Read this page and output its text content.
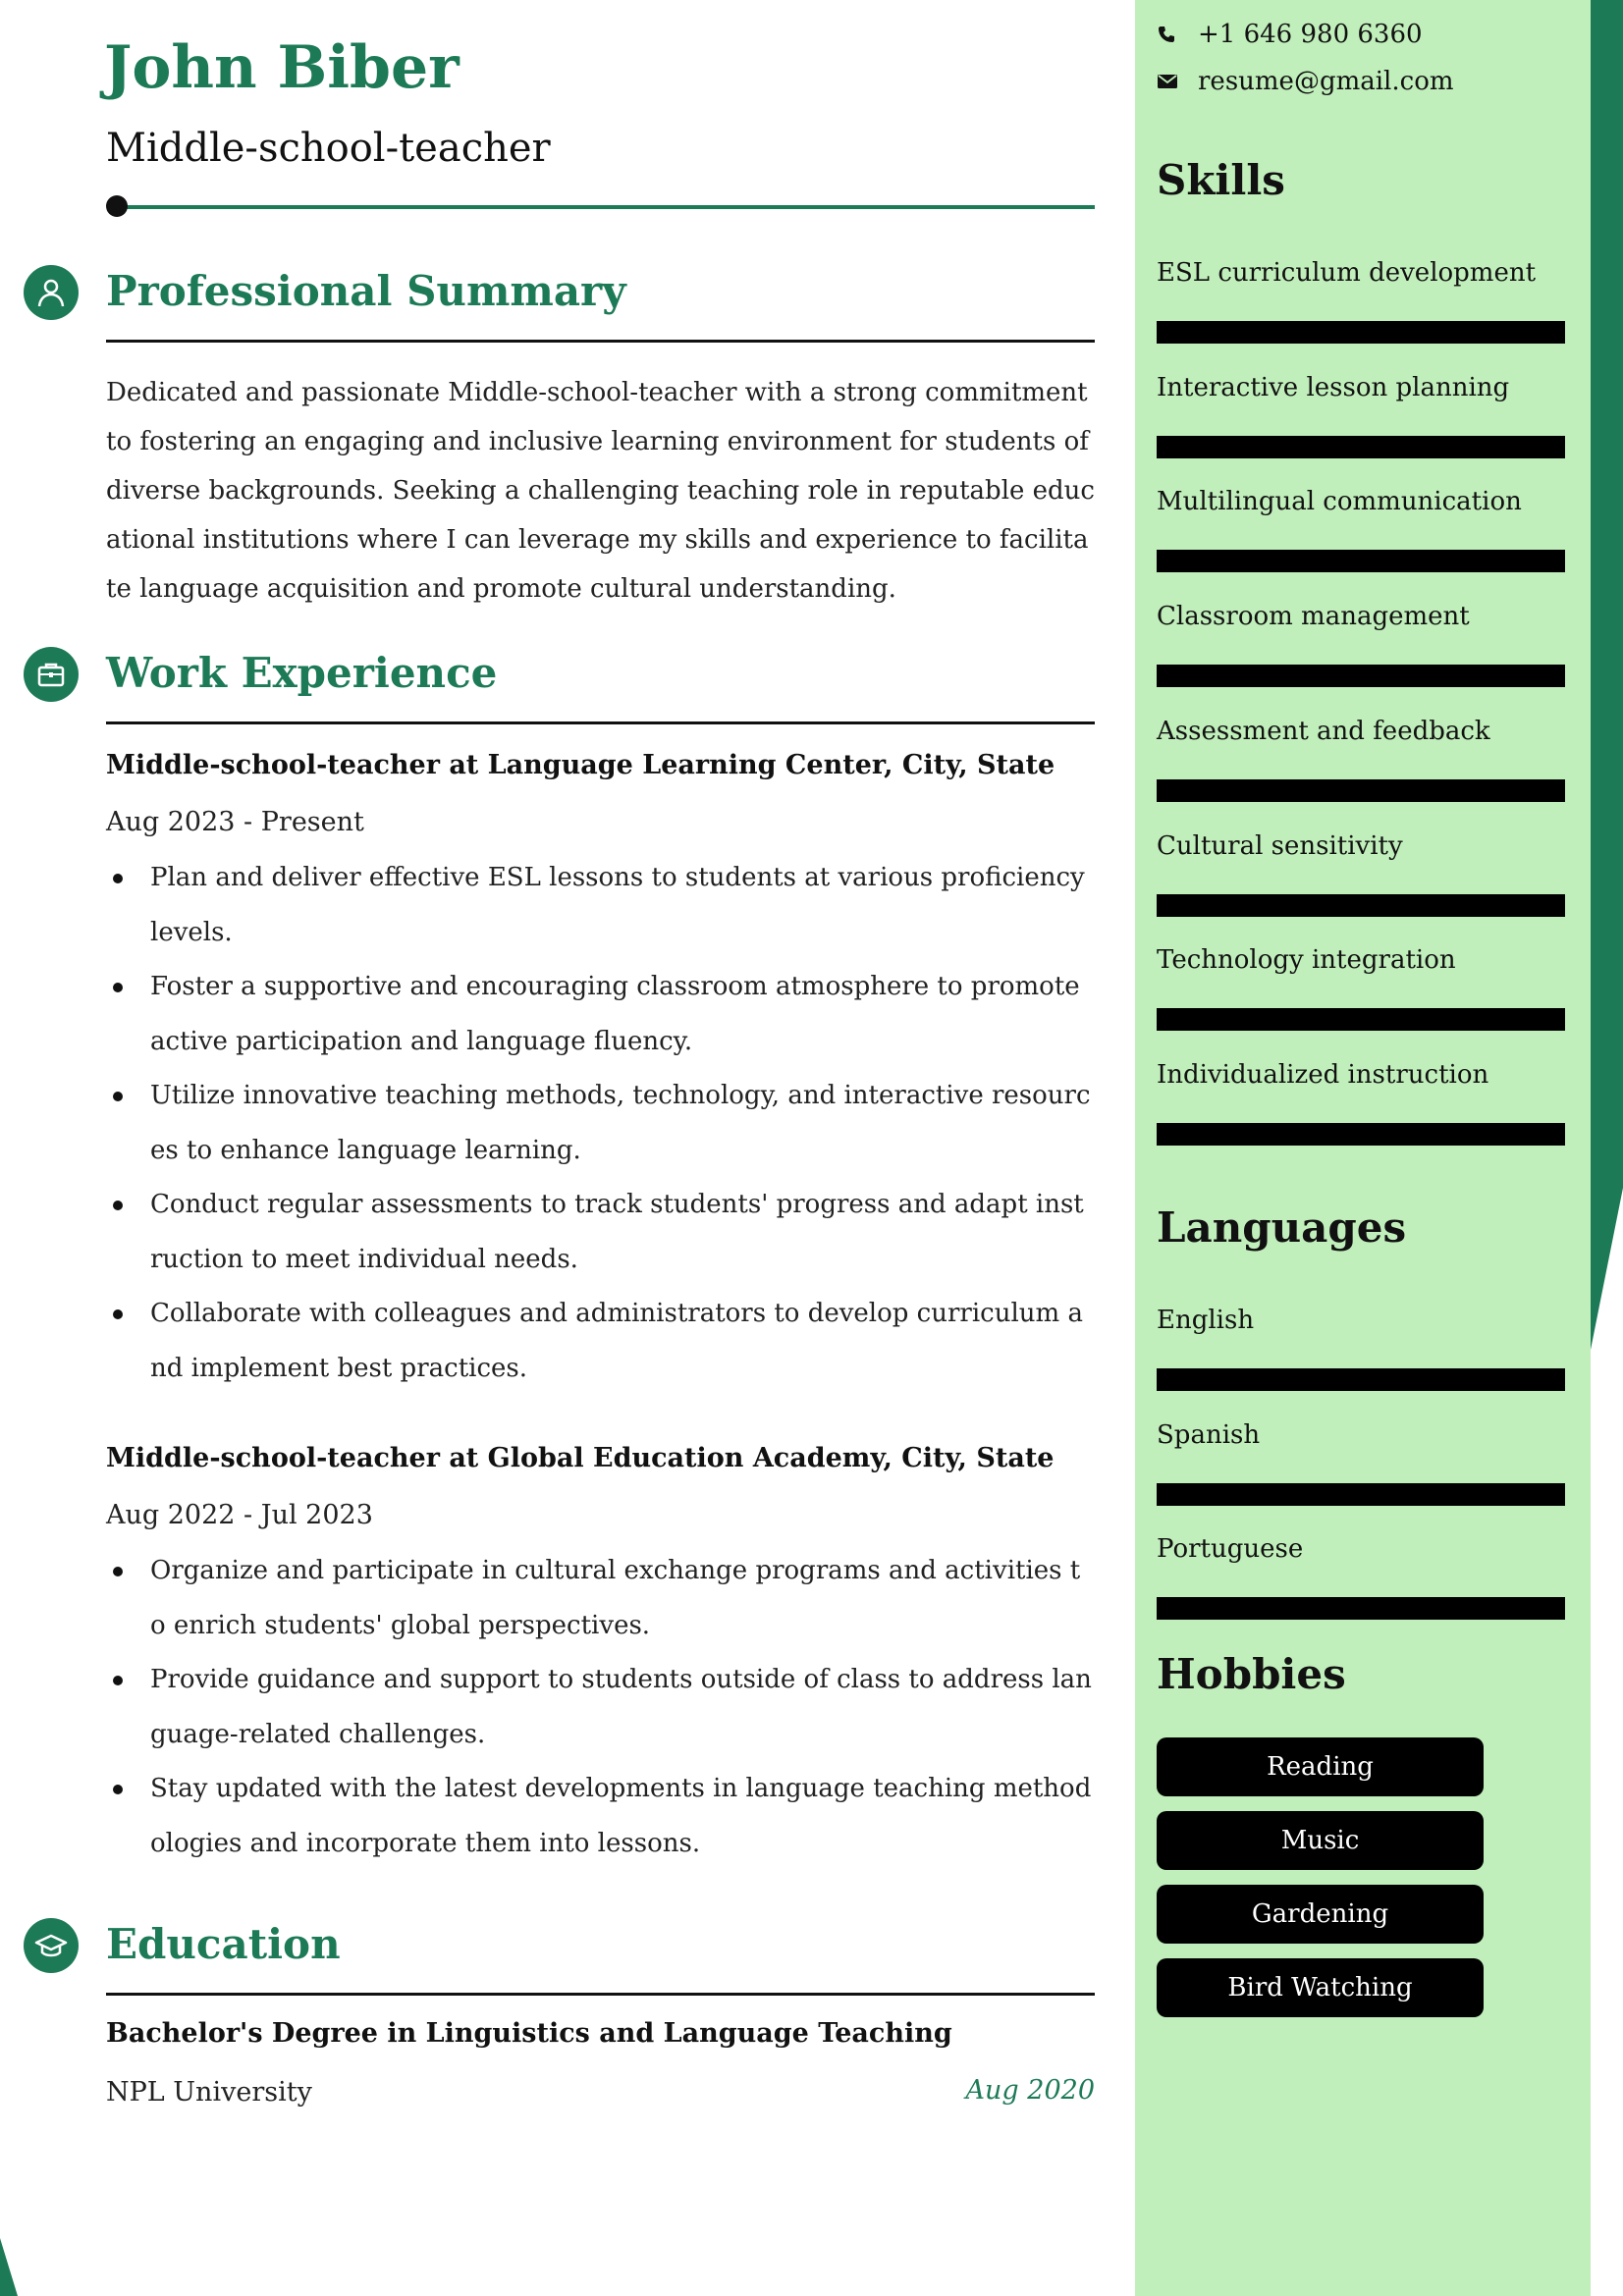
John Biber

Middle-school-teacher

Professional Summary

Dedicated and passionate Middle-school-teacher with a strong commitment to fostering an engaging and inclusive learning environment for students of diverse backgrounds. Seeking a challenging teaching role in reputable educational institutions where I can leverage my skills and experience to facilitate language acquisition and promote cultural understanding.

Work Experience

Middle-school-teacher at Language Learning Center, City, State

Aug 2023 - Present

Plan and deliver effective ESL lessons to students at various proficiency levels.
Foster a supportive and encouraging classroom atmosphere to promote active participation and language fluency.
Utilize innovative teaching methods, technology, and interactive resources to enhance language learning.
Conduct regular assessments to track students' progress and adapt instruction to meet individual needs.
Collaborate with colleagues and administrators to develop curriculum and implement best practices.

Middle-school-teacher at Global Education Academy, City, State

Aug 2022 - Jul 2023

Organize and participate in cultural exchange programs and activities to enrich students' global perspectives.
Provide guidance and support to students outside of class to address language-related challenges.
Stay updated with the latest developments in language teaching methodologies and incorporate them into lessons.
Education

Bachelor's Degree in Linguistics and Language Teaching

NPL University	Aug 2020

+1 646 980 6360
resume@gmail.com
Skills

ESL curriculum development

Interactive lesson planning

Multilingual communication

Classroom management

Assessment and feedback

Cultural sensitivity

Technology integration

Individualized instruction

Languages

English

Spanish

Portuguese

Hobbies
Reading
Music
Gardening
Bird Watching
